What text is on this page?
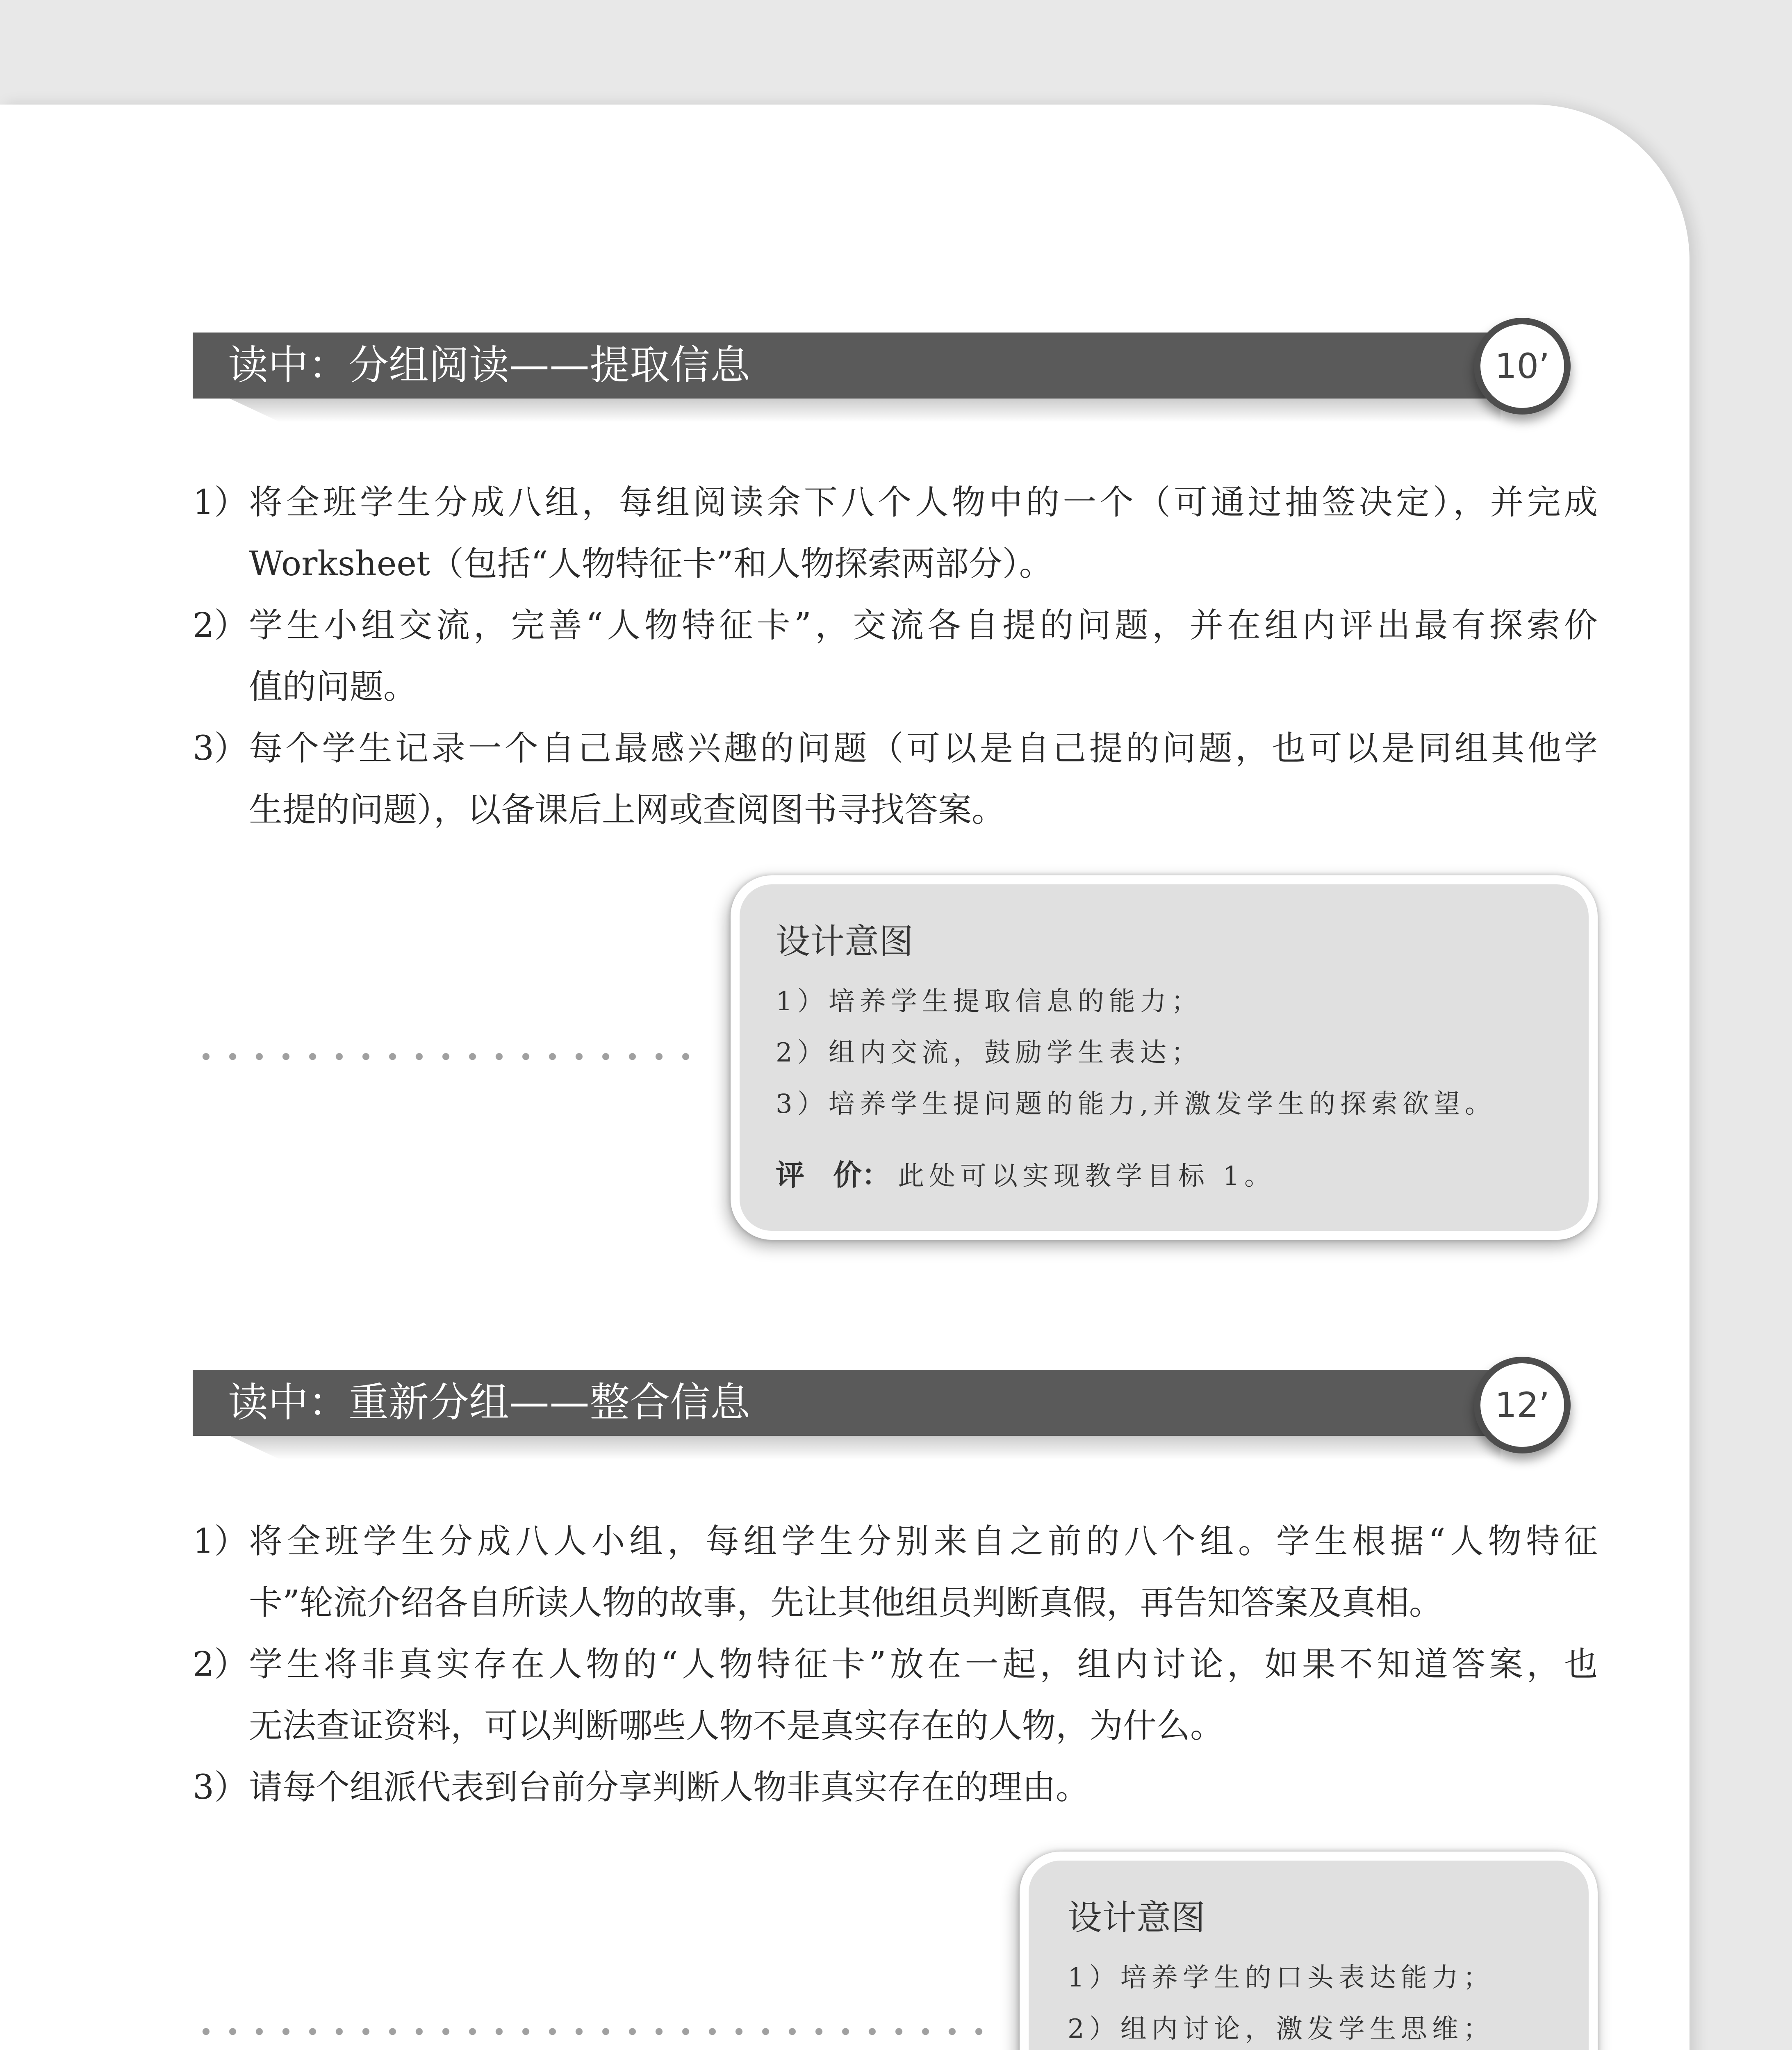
读中：分组阅读——提取信息	10’
1） 将全班学生分成八组，每组阅读余下八个人物中的一个（可通过抽签决定），并完成
Worksheet（包括“人物特征卡”和人物探索两部分）。
2） 学生小组交流，完善“人物特征卡”，交流各自提的问题，并在组内评出最有探索价
值的问题。
3） 每个学生记录一个自己最感兴趣的问题（可以是自己提的问题，也可以是同组其他学
生提的问题），以备课后上网或查阅图书寻找答案。
设计意图
1）培养学生提取信息的能力；
2）组内交流，鼓励学生表达；
3）培养学生提问题的能力,并激发学生的探索欲望。
评　价： 此处可以实现教学目标 1。
读中：重新分组——整合信息	12’
1） 将全班学生分成八人小组，每组学生分别来自之前的八个组。学生根据“人物特征
卡”轮流介绍各自所读人物的故事，先让其他组员判断真假，再告知答案及真相。
2） 学生将非真实存在人物的“人物特征卡”放在一起，组内讨论，如果不知道答案，也
无法查证资料，可以判断哪些人物不是真实存在的人物，为什么。
3） 请每个组派代表到台前分享判断人物非真实存在的理由。
设计意图
1）培养学生的口头表达能力；
2）组内讨论，激发学生思维；
